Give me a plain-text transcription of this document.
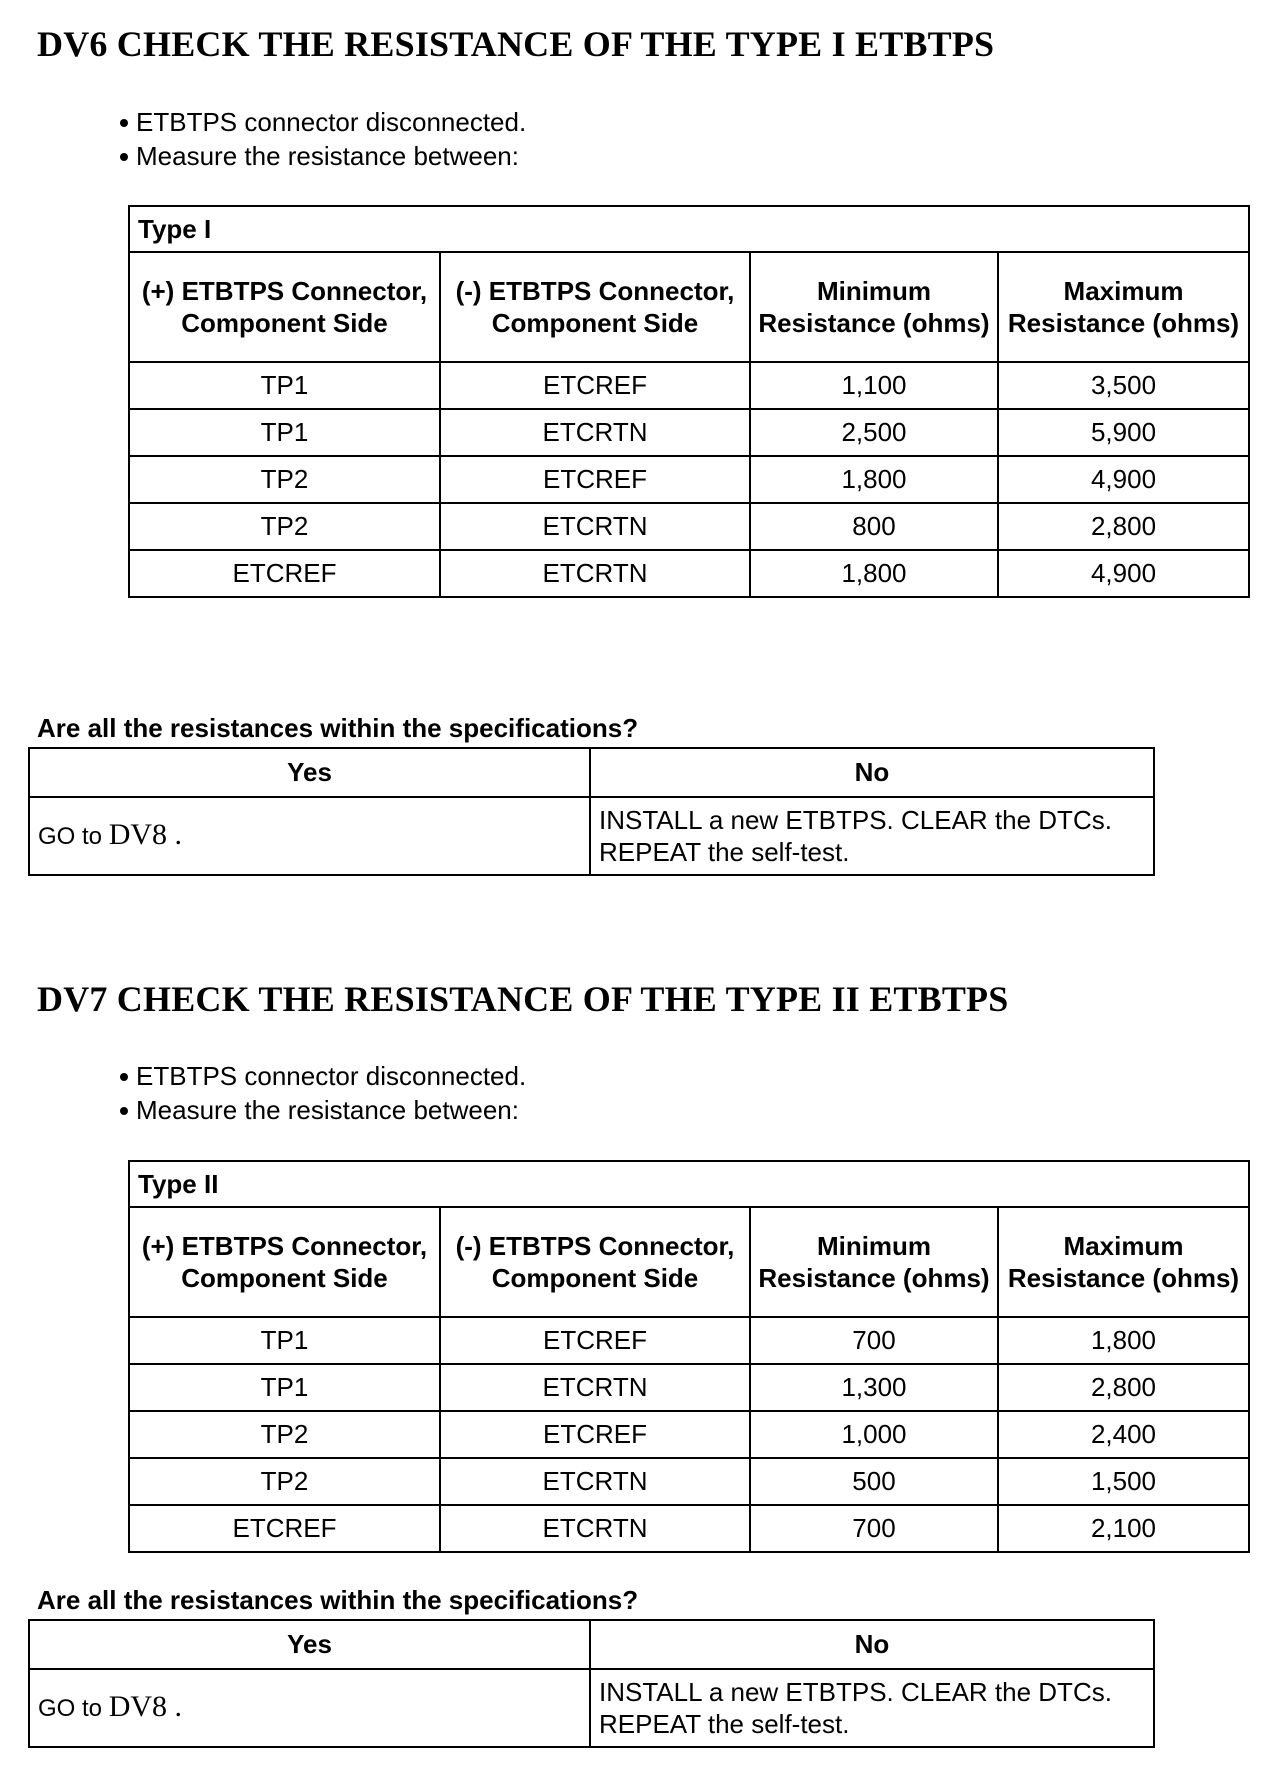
DV6 CHECK THE RESISTANCE OF THE TYPE I ETBTPS
ETBTPS connector disconnected.
Measure the resistance between:
Type I			
(+) ETBTPS Connector, Component Side	(-) ETBTPS Connector, Component Side	Minimum Resistance (ohms)	Maximum Resistance (ohms)
TP1	ETCREF	1,100	3,500
TP1	ETCRTN	2,500	5,900
TP2	ETCREF	1,800	4,900
TP2	ETCRTN	800	2,800
ETCREF	ETCRTN	1,800	4,900

Are all the resistances within the specifications?

Yes	No
GO to DV8 .	INSTALL a new ETBTPS. CLEAR the DTCs. REPEAT the self-test.
DV7 CHECK THE RESISTANCE OF THE TYPE II ETBTPS
ETBTPS connector disconnected.
Measure the resistance between:
Type II			
(+) ETBTPS Connector, Component Side	(-) ETBTPS Connector, Component Side	Minimum Resistance (ohms)	Maximum Resistance (ohms)
TP1	ETCREF	700	1,800
TP1	ETCRTN	1,300	2,800
TP2	ETCREF	1,000	2,400
TP2	ETCRTN	500	1,500
ETCREF	ETCRTN	700	2,100

Are all the resistances within the specifications?

Yes	No
GO to DV8 .	INSTALL a new ETBTPS. CLEAR the DTCs. REPEAT the self-test.
